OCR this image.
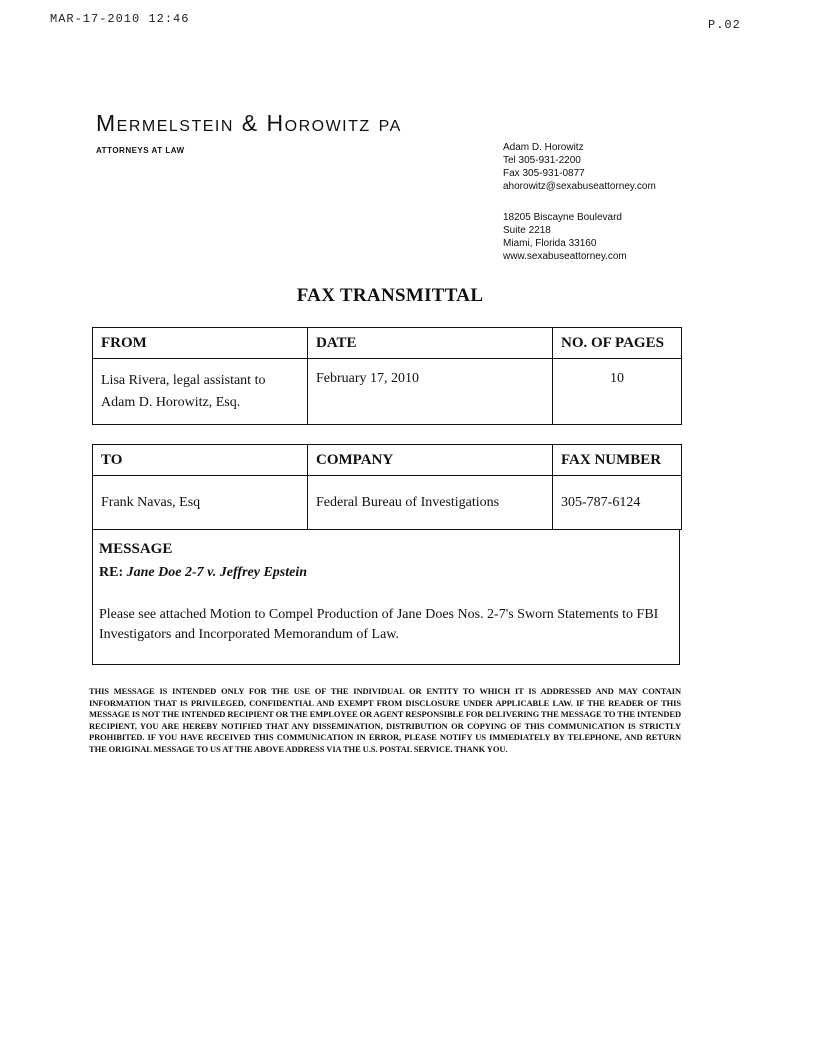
MAR-17-2010 12:46	P.02
Mermelstein & Horowitz PA
ATTORNEYS AT LAW	Adam D. Horowitz
Tel 305-931-2200
Fax 305-931-0877
ahorowitz@sexabuseattorney.com
18205 Biscayne Boulevard
Suite 2218
Miami, Florida 33160
www.sexabuseattorney.com
FAX TRANSMITTAL
FROM	DATE	NO. OF PAGES

Lisa Rivera, legal assistant to
Adam D. Horowitz, Esq.	February 17, 2010	10
TO	COMPANY	FAX NUMBER
Frank Navas, Esq	Federal Bureau of Investigations	305-787-6124
MESSAGE
RE: Jane Doe 2-7 v. Jeffrey Epstein
Please see attached Motion to Compel Production of Jane Does Nos. 2-7's Sworn Statements to FBI Investigators and Incorporated Memorandum of Law.
THIS MESSAGE IS INTENDED ONLY FOR THE USE OF THE INDIVIDUAL OR ENTITY TO WHICH IT IS ADDRESSED AND MAY CONTAIN INFORMATION THAT IS PRIVILEGED, CONFIDENTIAL AND EXEMPT FROM DISCLOSURE UNDER APPLICABLE LAW. IF THE READER OF THIS MESSAGE IS NOT THE INTENDED RECIPIENT OR THE EMPLOYEE OR AGENT RESPONSIBLE FOR DELIVERING THE MESSAGE TO THE INTENDED RECIPIENT, YOU ARE HEREBY NOTIFIED THAT ANY DISSEMINATION, DISTRIBUTION OR COPYING OF THIS COMMUNICATION IS STRICTLY PROHIBITED. IF YOU HAVE RECEIVED THIS COMMUNICATION IN ERROR, PLEASE NOTIFY US IMMEDIATELY BY TELEPHONE, AND RETURN THE ORIGINAL MESSAGE TO US AT THE ABOVE ADDRESS VIA THE U.S. POSTAL SERVICE. THANK YOU.
